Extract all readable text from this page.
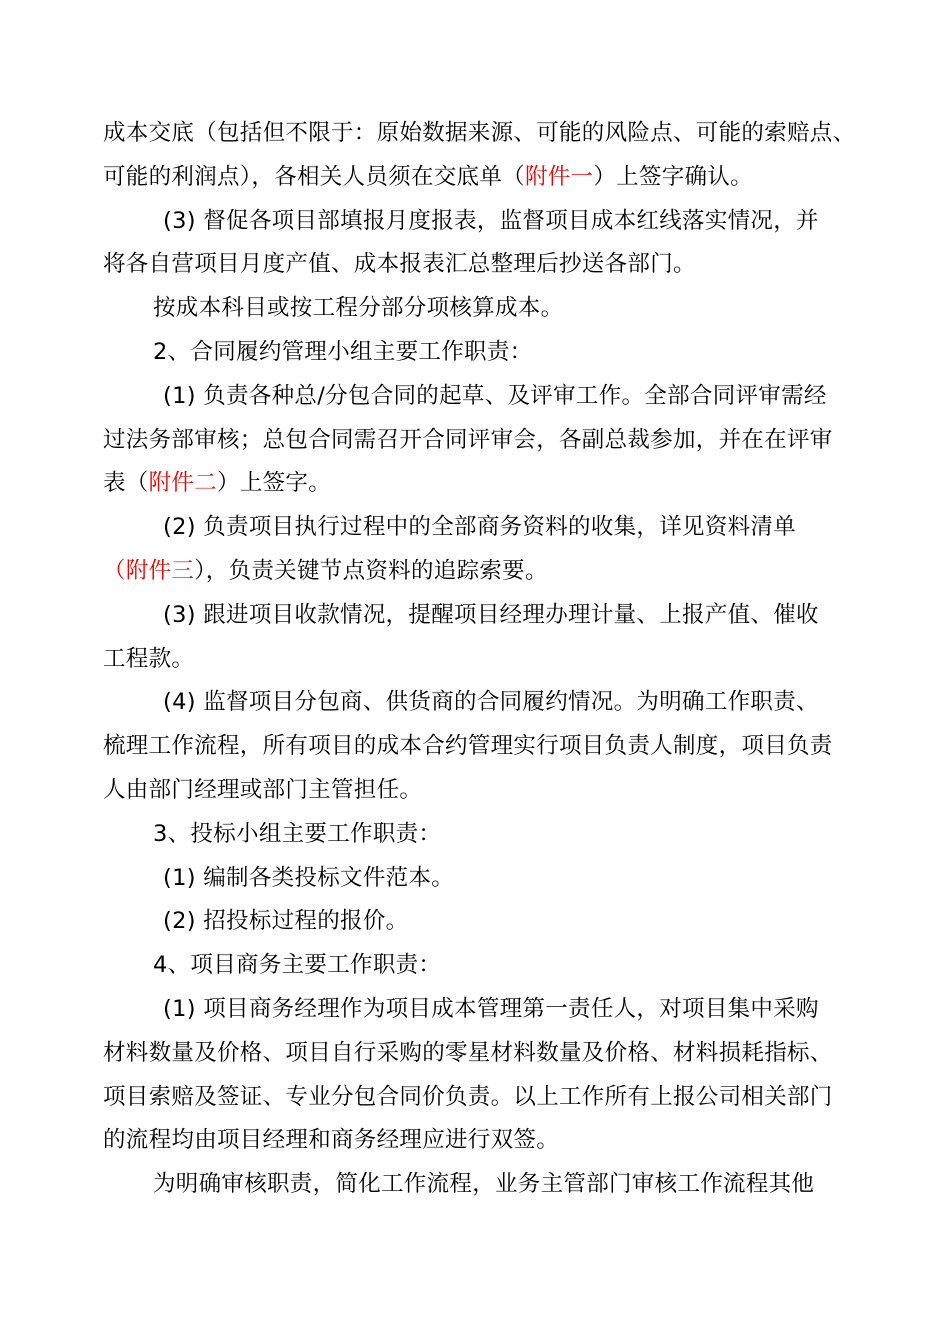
成本交底（包括但不限于：原始数据来源、可能的风险点、可能的索赔点、
可能的利润点），各相关人员须在交底单（附件一）上签字确认。
(3) 督促各项目部填报月度报表，监督项目成本红线落实情况，并
将各自营项目月度产值、成本报表汇总整理后抄送各部门。
按成本科目或按工程分部分项核算成本。
2、合同履约管理小组主要工作职责：
(1) 负责各种总/分包合同的起草、及评审工作。全部合同评审需经
过法务部审核；总包合同需召开合同评审会，各副总裁参加，并在在评审
表（附件二）上签字。
(2) 负责项目执行过程中的全部商务资料的收集，详见资料清单
（附件三），负责关键节点资料的追踪索要。
(3) 跟进项目收款情况，提醒项目经理办理计量、上报产值、催收
工程款。
(4) 监督项目分包商、供货商的合同履约情况。为明确工作职责、
梳理工作流程，所有项目的成本合约管理实行项目负责人制度，项目负责
人由部门经理或部门主管担任。
3、投标小组主要工作职责：
(1) 编制各类投标文件范本。
(2) 招投标过程的报价。
4、项目商务主要工作职责：
(1) 项目商务经理作为项目成本管理第一责任人，对项目集中采购
材料数量及价格、项目自行采购的零星材料数量及价格、材料损耗指标、
项目索赔及签证、专业分包合同价负责。以上工作所有上报公司相关部门
的流程均由项目经理和商务经理应进行双签。
为明确审核职责，简化工作流程，业务主管部门审核工作流程其他
